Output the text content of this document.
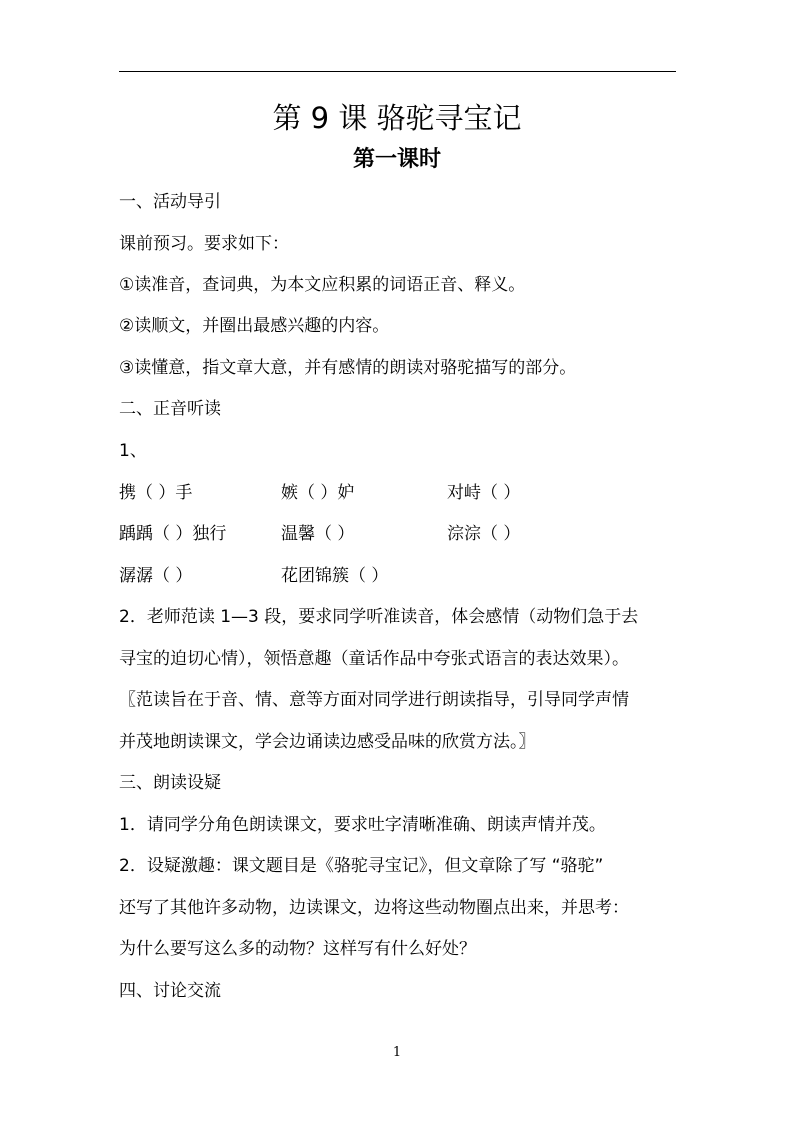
第 9 课 骆驼寻宝记
第一课时
一、活动导引
课前预习。要求如下：
①读准音，查词典，为本文应积累的词语正音、释义。
②读顺文，并圈出最感兴趣的内容。
③读懂意，指文章大意，并有感情的朗读对骆驼描写的部分。
二、正音听读
1、
携（ ）手	嫉（ ）妒	对峙（ ）
踽踽（ ）独行	温馨（ ）	淙淙（ ）
潺潺（ ）	花团锦簇（ ）
2．老师范读 1—3 段，要求同学听准读音，体会感情（动物们急于去
寻宝的迫切心情），领悟意趣（童话作品中夸张式语言的表达效果）。
〖范读旨在于音、情、意等方面对同学进行朗读指导，引导同学声情
并茂地朗读课文，学会边诵读边感受品味的欣赏方法。〗
三、朗读设疑
1．请同学分角色朗读课文，要求吐字清晰准确、朗读声情并茂。
2．设疑激趣：课文题目是《骆驼寻宝记》，但文章除了写 “骆驼”
还写了其他许多动物，边读课文，边将这些动物圈点出来，并思考：
为什么要写这么多的动物？这样写有什么好处？
四、讨论交流
1
